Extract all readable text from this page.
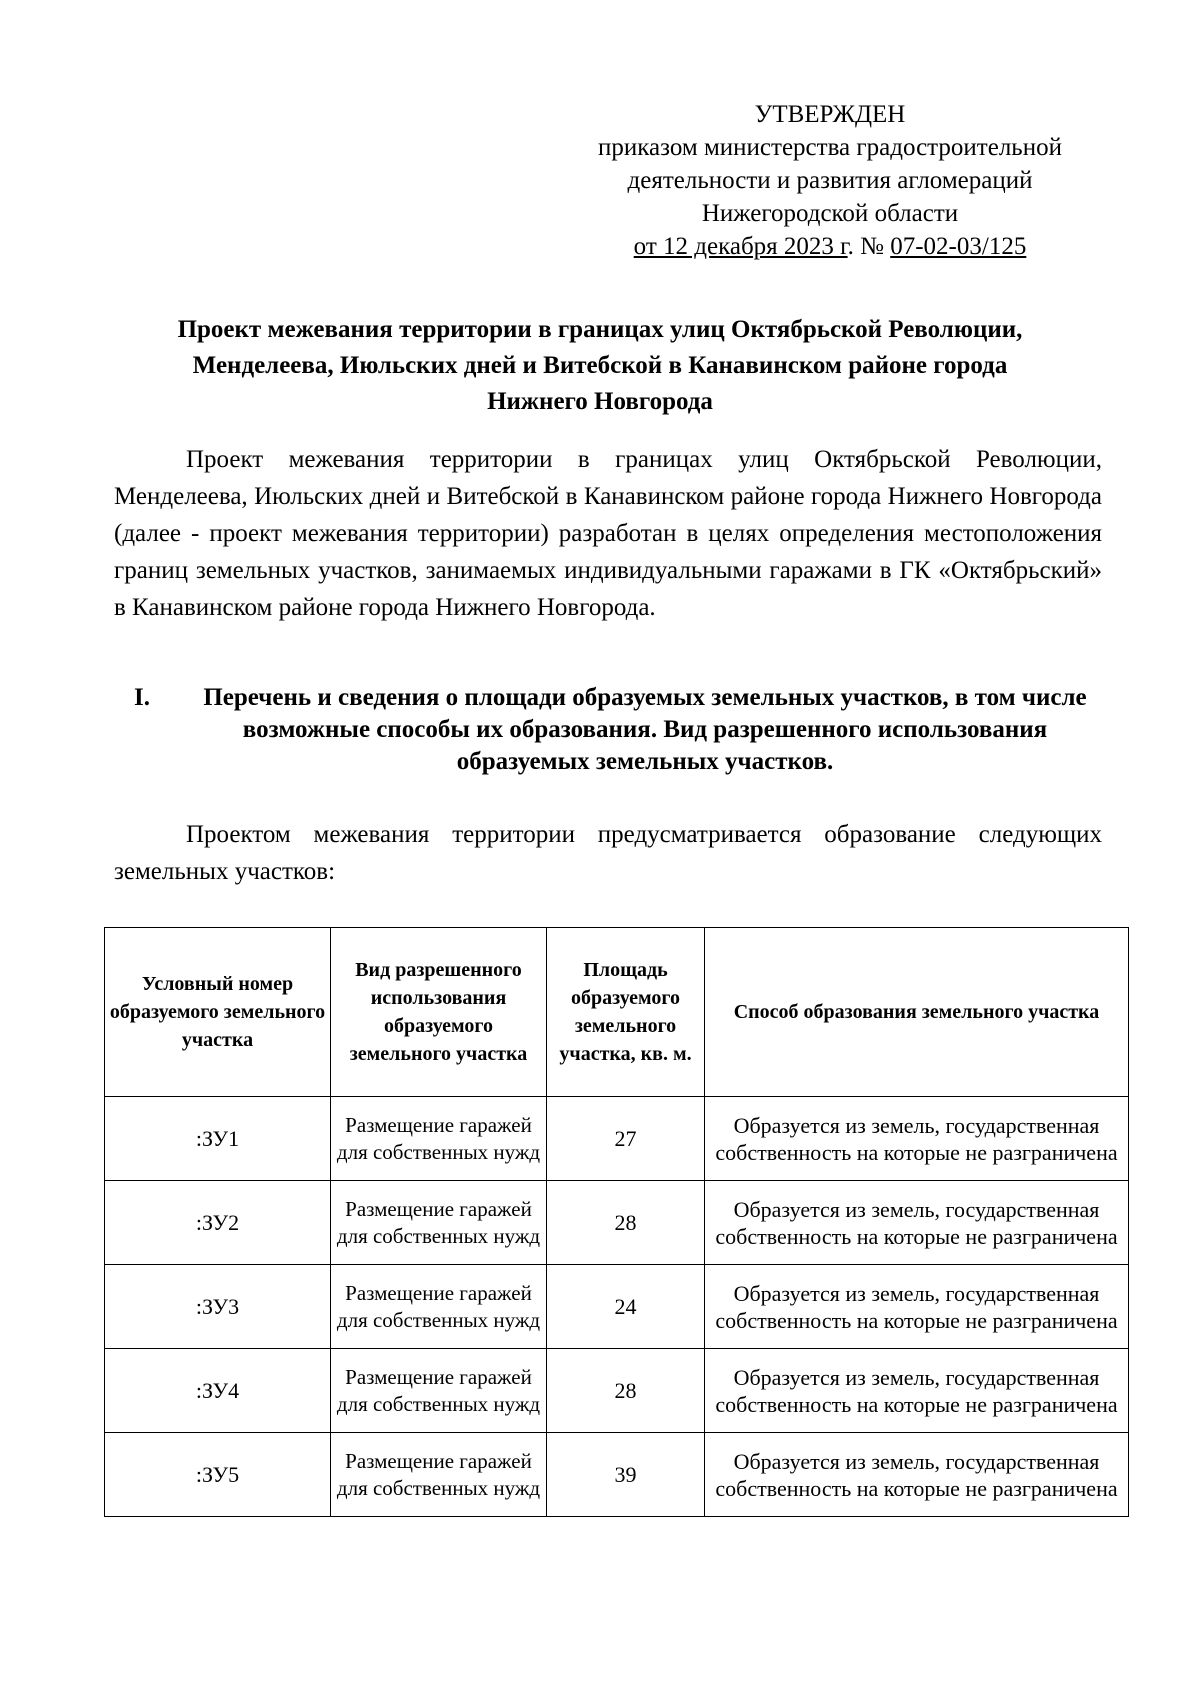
УТВЕРЖДЕН
приказом министерства градостроительной
деятельности и развития агломераций
Нижегородской области
от 12 декабря 2023 г. № 07-02-03/125
Проект межевания территории в границах улиц Октябрьской Революции, Менделеева, Июльских дней и Витебской в Канавинском районе города Нижнего Новгорода

Проект межевания территории в границах улиц Октябрьской Революции, Менделеева, Июльских дней и Витебской в Канавинском районе города Нижнего Новгорода (далее - проект межевания территории) разработан в целях определения местоположения границ земельных участков, занимаемых индивидуальными гаражами в ГК «Октябрьский» в Канавинском районе города Нижнего Новгорода.

I.	Перечень и сведения о площади образуемых земельных участков, в том числе возможные способы их образования. Вид разрешенного использования образуемых земельных участков.

Проектом межевания территории предусматривается образование следующих земельных участков:

Условный номер образуемого земельного участка	Вид разрешенного использования образуемого земельного участка	Площадь образуемого земельного участка, кв. м.	Способ образования земельного участка
:ЗУ1	Размещение гаражей для собственных нужд	27	Образуется из земель, государственная собственность на которые не разграничена
:ЗУ2	Размещение гаражей для собственных нужд	28	Образуется из земель, государственная собственность на которые не разграничена
:ЗУ3	Размещение гаражей для собственных нужд	24	Образуется из земель, государственная собственность на которые не разграничена
:ЗУ4	Размещение гаражей для собственных нужд	28	Образуется из земель, государственная собственность на которые не разграничена
:ЗУ5	Размещение гаражей для собственных нужд	39	Образуется из земель, государственная собственность на которые не разграничена
